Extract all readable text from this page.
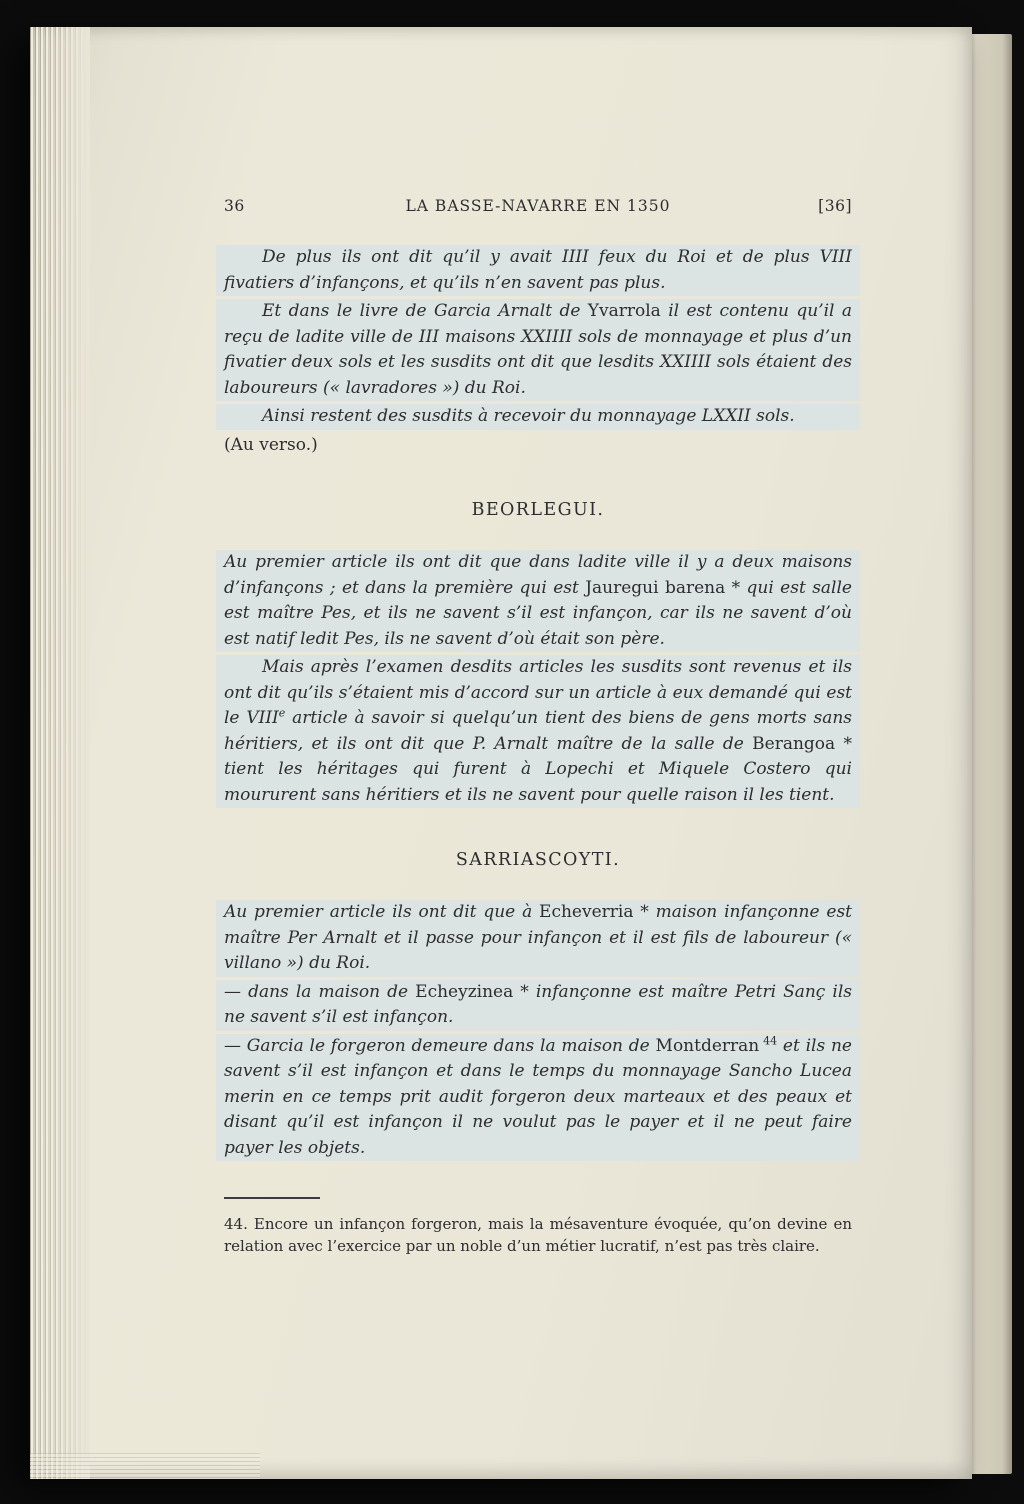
36	LA BASSE-NAVARRE EN 1350	[36]

De plus ils ont dit qu’il y avait IIII feux du Roi et de plus VIII fivatiers d’infançons, et qu’ils n’en savent pas plus.

Et dans le livre de Garcia Arnalt de Yvarrola il est contenu qu’il a reçu de ladite ville de III maisons XXIIII sols de monnayage et plus d’un fivatier deux sols et les susdits ont dit que lesdits XXIIII sols étaient des laboureurs (« lavradores ») du Roi.

Ainsi restent des susdits à recevoir du monnayage LXXII sols.

(Au verso.)

BEORLEGUI.

Au premier article ils ont dit que dans ladite ville il y a deux maisons d’infançons ; et dans la première qui est Jauregui barena * qui est salle est maître Pes, et ils ne savent s’il est infançon, car ils ne savent d’où est natif ledit Pes, ils ne savent d’où était son père.

Mais après l’examen desdits articles les susdits sont revenus et ils ont dit qu’ils s’étaient mis d’accord sur un article à eux demandé qui est le VIIIe article à savoir si quelqu’un tient des biens de gens morts sans héritiers, et ils ont dit que P. Arnalt maître de la salle de Berangoa * tient les héritages qui furent à Lopechi et Miquele Costero qui moururent sans héritiers et ils ne savent pour quelle raison il les tient.

SARRIASCOYTI.

Au premier article ils ont dit que à Echeverria * maison infançonne est maître Per Arnalt et il passe pour infançon et il est fils de laboureur (« villano ») du Roi.

— dans la maison de Echeyzinea * infançonne est maître Petri Sanç ils ne savent s’il est infançon.

— Garcia le forgeron demeure dans la maison de Montderran $^{44}$ et ils ne savent s’il est infançon et dans le temps du monnayage Sancho Lucea merin en ce temps prit audit forgeron deux marteaux et des peaux et disant qu’il est infançon il ne voulut pas le payer et il ne peut faire payer les objets.

44. Encore un infançon forgeron, mais la mésaventure évoquée, qu’on devine en relation avec l’exercice par un noble d’un métier lucratif, n’est pas très claire.
